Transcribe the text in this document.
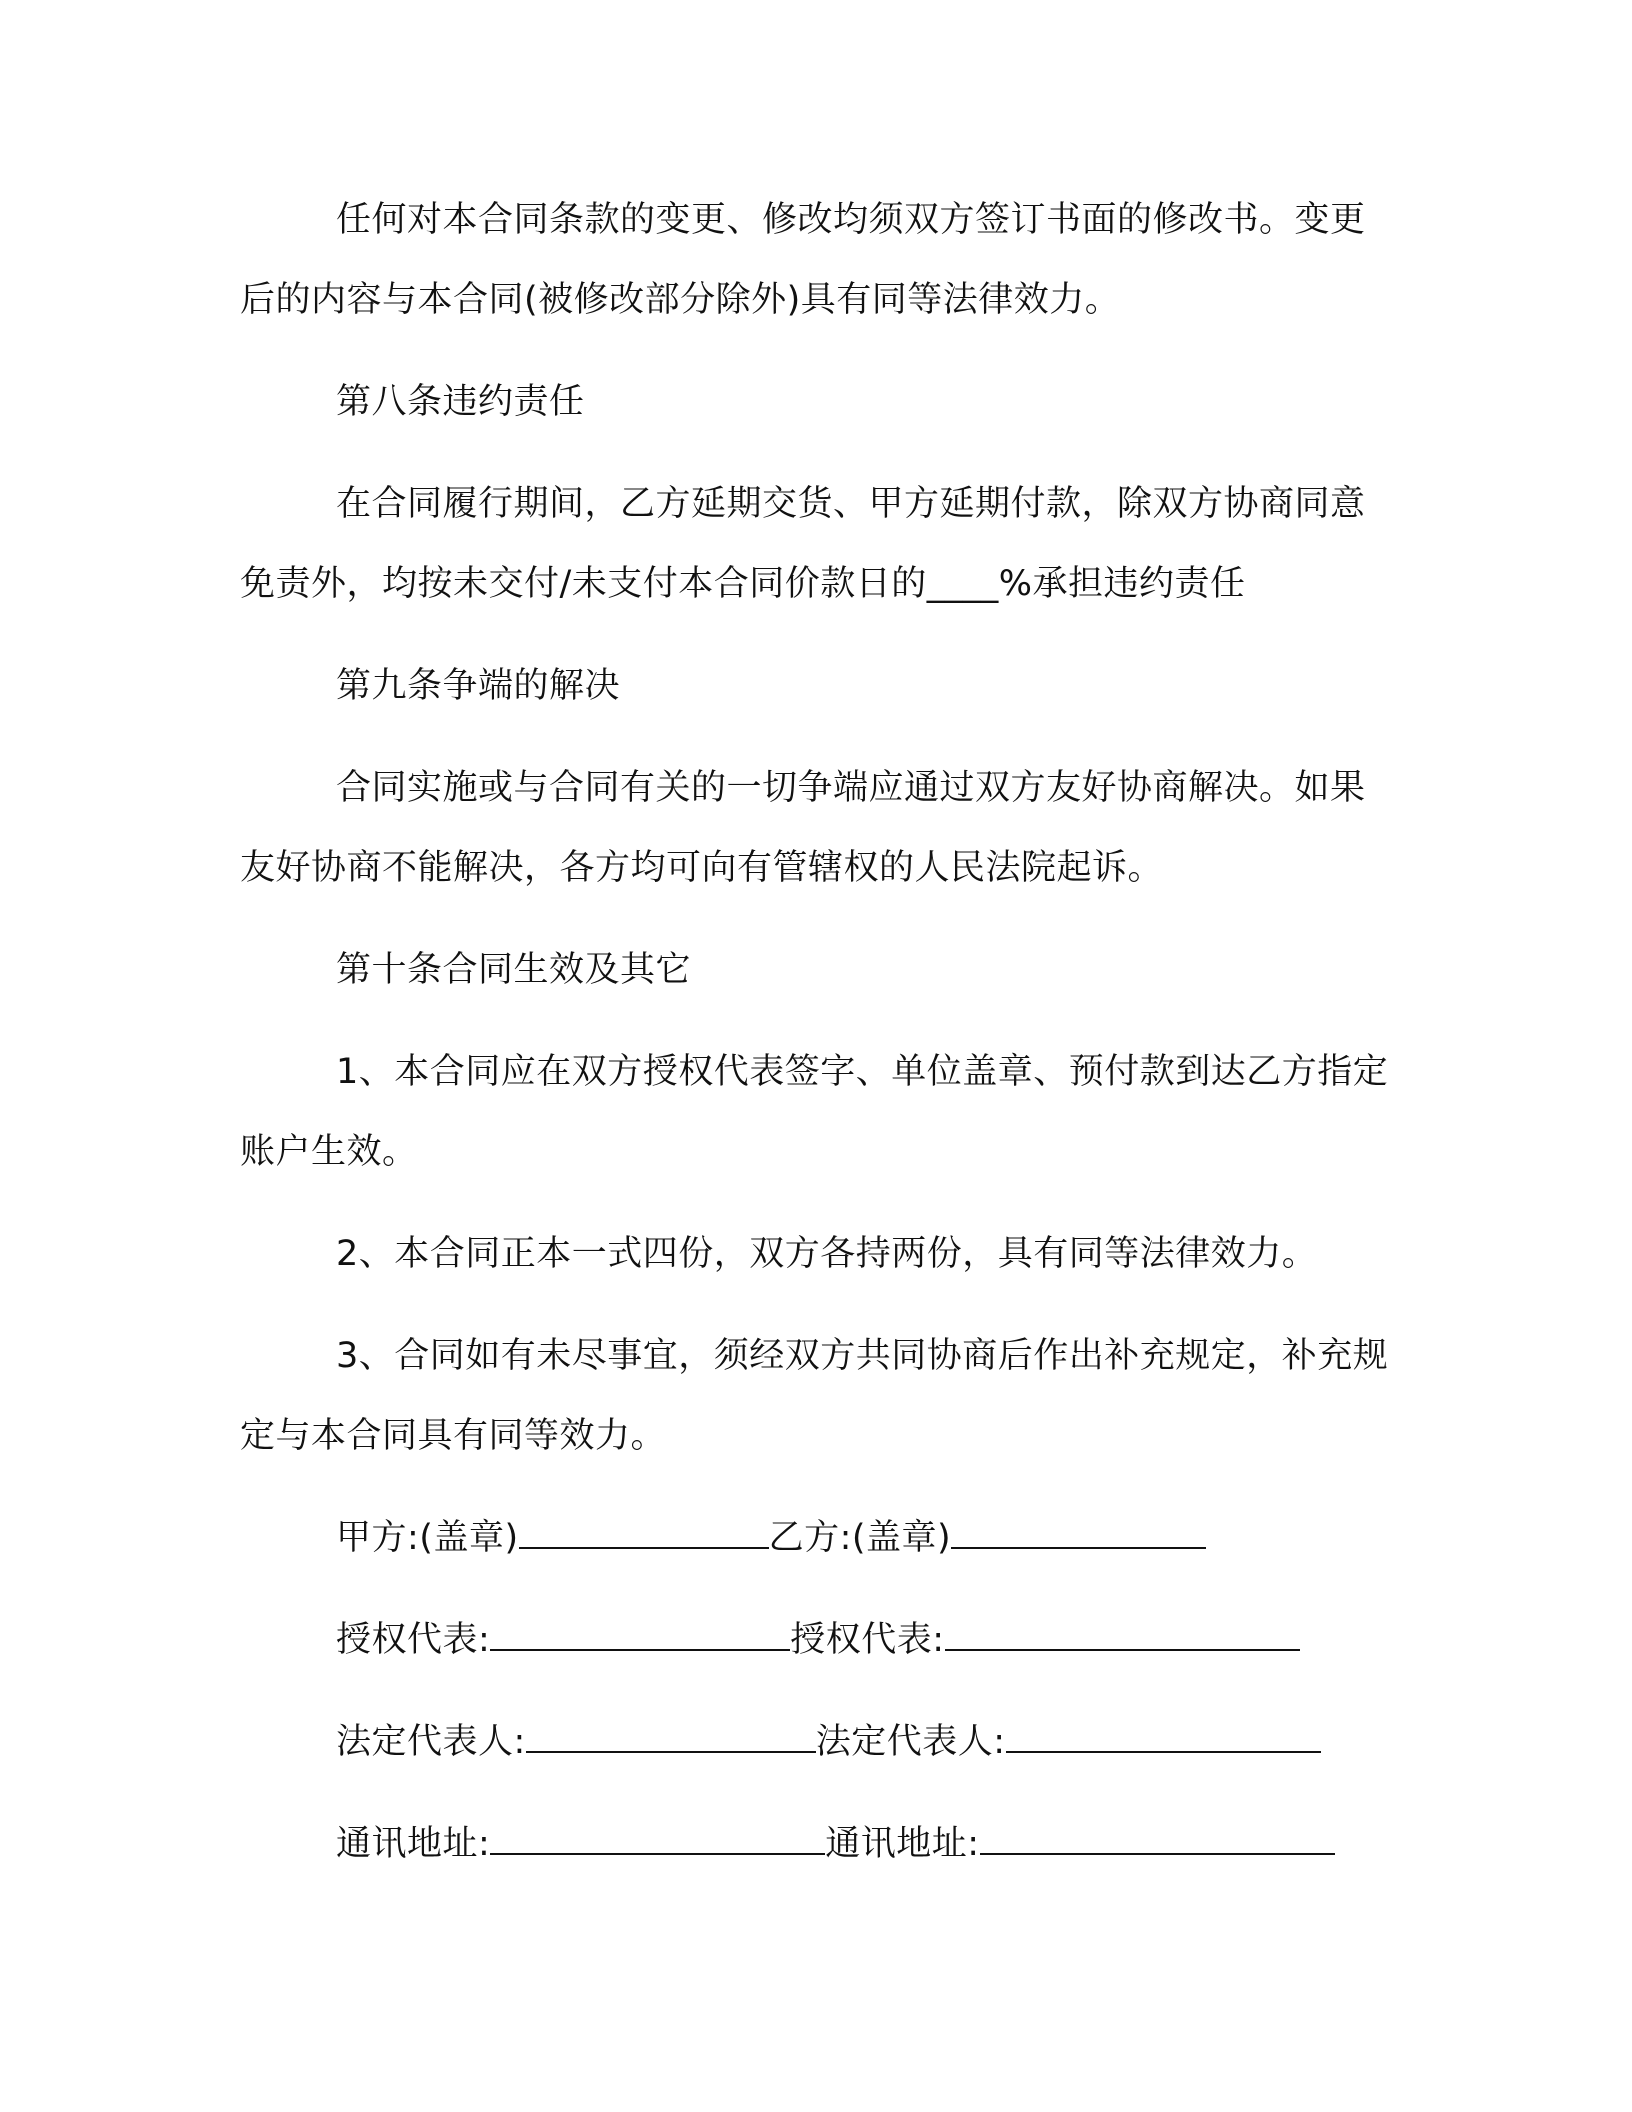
任何对本合同条款的变更、修改均须双方签订书面的修改书。变更后的内容与本合同(被修改部分除外)具有同等法律效力。

第八条违约责任

在合同履行期间，乙方延期交货、甲方延期付款，除双方协商同意免责外，均按未交付/未支付本合同价款日的____%承担违约责任

第九条争端的解决

合同实施或与合同有关的一切争端应通过双方友好协商解决。如果友好协商不能解决，各方均可向有管辖权的人民法院起诉。

第十条合同生效及其它

1、本合同应在双方授权代表签字、单位盖章、预付款到达乙方指定账户生效。

2、本合同正本一式四份，双方各持两份，具有同等法律效力。

3、合同如有未尽事宜，须经双方共同协商后作出补充规定，补充规定与本合同具有同等效力。

甲方:(盖章)	乙方:(盖章)
授权代表:	授权代表:
法定代表人:	法定代表人:
通讯地址:	通讯地址:
